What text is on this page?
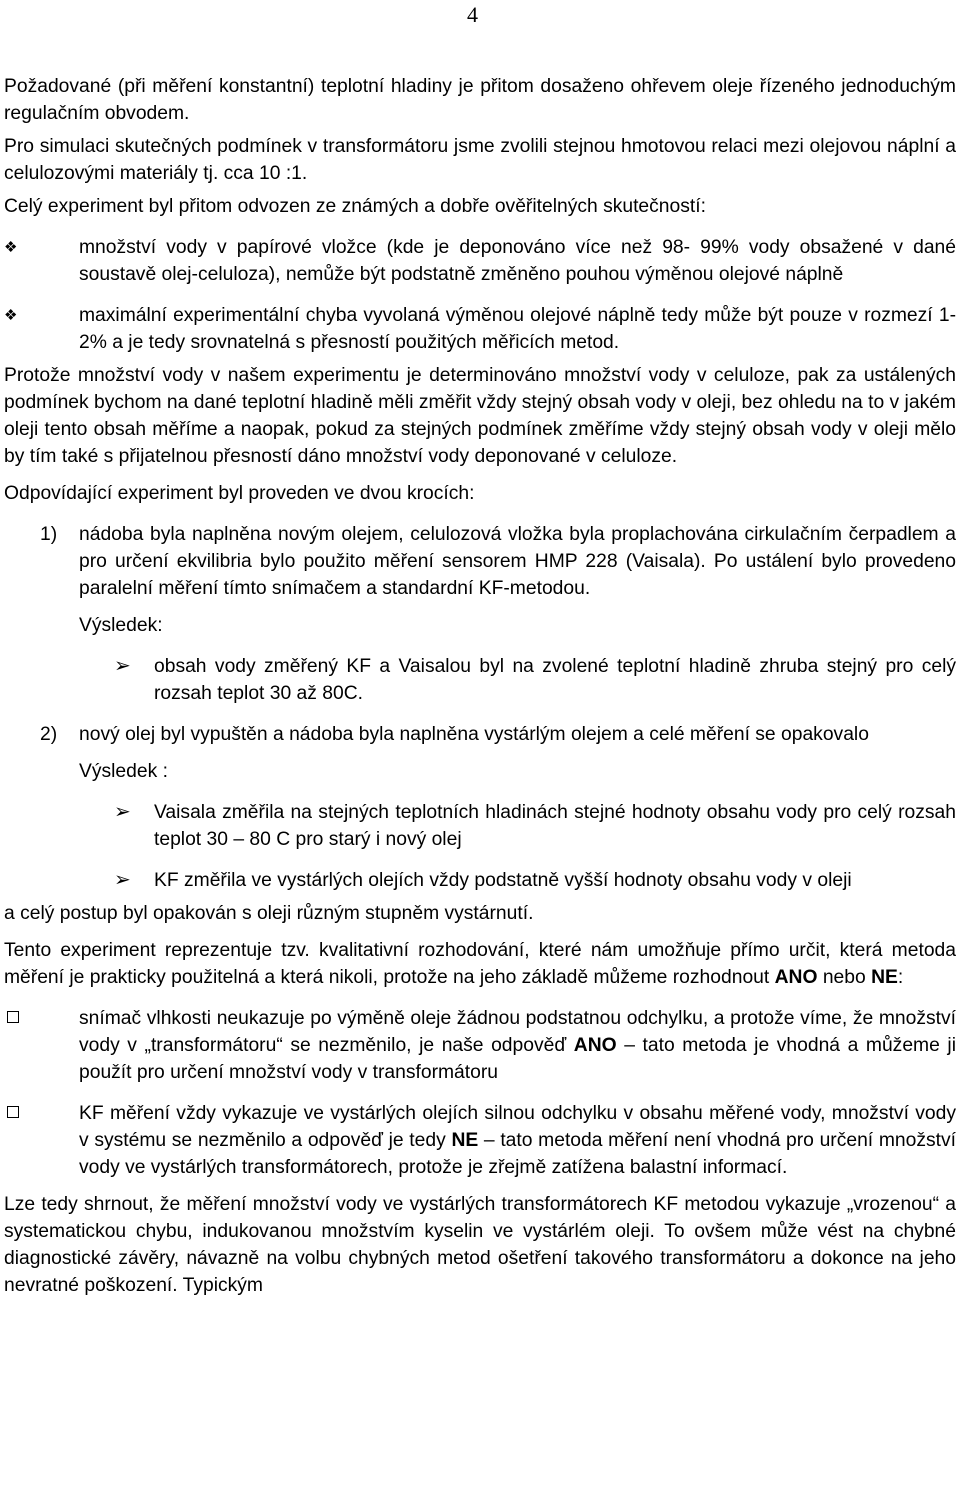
4

Požadované (při měření konstantní) teplotní hladiny je přitom dosaženo ohřevem oleje řízeného jednoduchým regulačním obvodem.

Pro simulaci skutečných podmínek v transformátoru jsme zvolili stejnou hmotovou relaci mezi olejovou náplní a celulozovými materiály tj. cca 10 :1.

Celý experiment byl přitom odvozen ze známých a dobře ověřitelných skutečností:

❖	množství vody v papírové vložce (kde je deponováno více než 98- 99% vody obsažené v dané soustavě olej-celuloza), nemůže být podstatně změněno pouhou výměnou olejové náplně
❖	maximální experimentální chyba vyvolaná výměnou olejové náplně tedy může být pouze v rozmezí 1-2% a je tedy srovnatelná s přesností použitých měřicích metod.

Protože množství vody v našem experimentu je determinováno množství vody v celuloze, pak za ustálených podmínek bychom na dané teplotní hladině měli změřit vždy stejný obsah vody v oleji, bez ohledu na to v jakém oleji tento obsah měříme a naopak, pokud za stejných podmínek změříme vždy stejný obsah vody v oleji mělo by tím také s přijatelnou přesností dáno množství vody deponované v celuloze.

Odpovídající experiment byl proveden ve dvou krocích:

1)	nádoba byla naplněna novým olejem, celulozová vložka byla proplachována cirkulačním čerpadlem a pro určení ekvilibria bylo použito měření sensorem HMP 228 (Vaisala). Po ustálení bylo provedeno paralelní měření tímto snímačem a standardní KF-metodou.
Výsledek:
➢	obsah vody změřený KF a Vaisalou byl na zvolené teplotní hladině zhruba stejný pro celý rozsah teplot 30 až 80C.
2)	nový olej byl vypuštěn a nádoba byla naplněna vystárlým olejem a celé měření se opakovalo
Výsledek :
➢	Vaisala změřila na stejných teplotních hladinách stejné hodnoty obsahu vody pro celý rozsah teplot 30 – 80 C pro starý i nový olej
➢	KF změřila ve vystárlých olejích vždy podstatně vyšší hodnoty obsahu vody v oleji

a celý postup byl opakován s oleji různým stupněm vystárnutí.

Tento experiment reprezentuje tzv. kvalitativní rozhodování, které nám umožňuje přímo určit, která metoda měření je prakticky použitelná a která nikoli, protože na jeho základě můžeme rozhodnout ANO nebo NE:

snímač vlhkosti neukazuje po výměně oleje žádnou podstatnou odchylku, a protože víme, že množství vody v „transformátoru“ se nezměnilo, je naše odpověď ANO – tato metoda je vhodná a můžeme ji použít pro určení množství vody v transformátoru
KF měření vždy vykazuje ve vystárlých olejích silnou odchylku v obsahu měřené vody, množství vody v systému se nezměnilo a odpověď je tedy NE – tato metoda měření není vhodná pro určení množství vody ve vystárlých transformátorech, protože je zřejmě zatížena balastní informací.

Lze tedy shrnout, že měření množství vody ve vystárlých transformátorech KF metodou vykazuje „vrozenou“ a systematickou chybu, indukovanou množstvím kyselin ve vystárlém oleji. To ovšem může vést na chybné diagnostické závěry, návazně na volbu chybných metod ošetření takového transformátoru a dokonce na jeho nevratné poškození. Typickým
